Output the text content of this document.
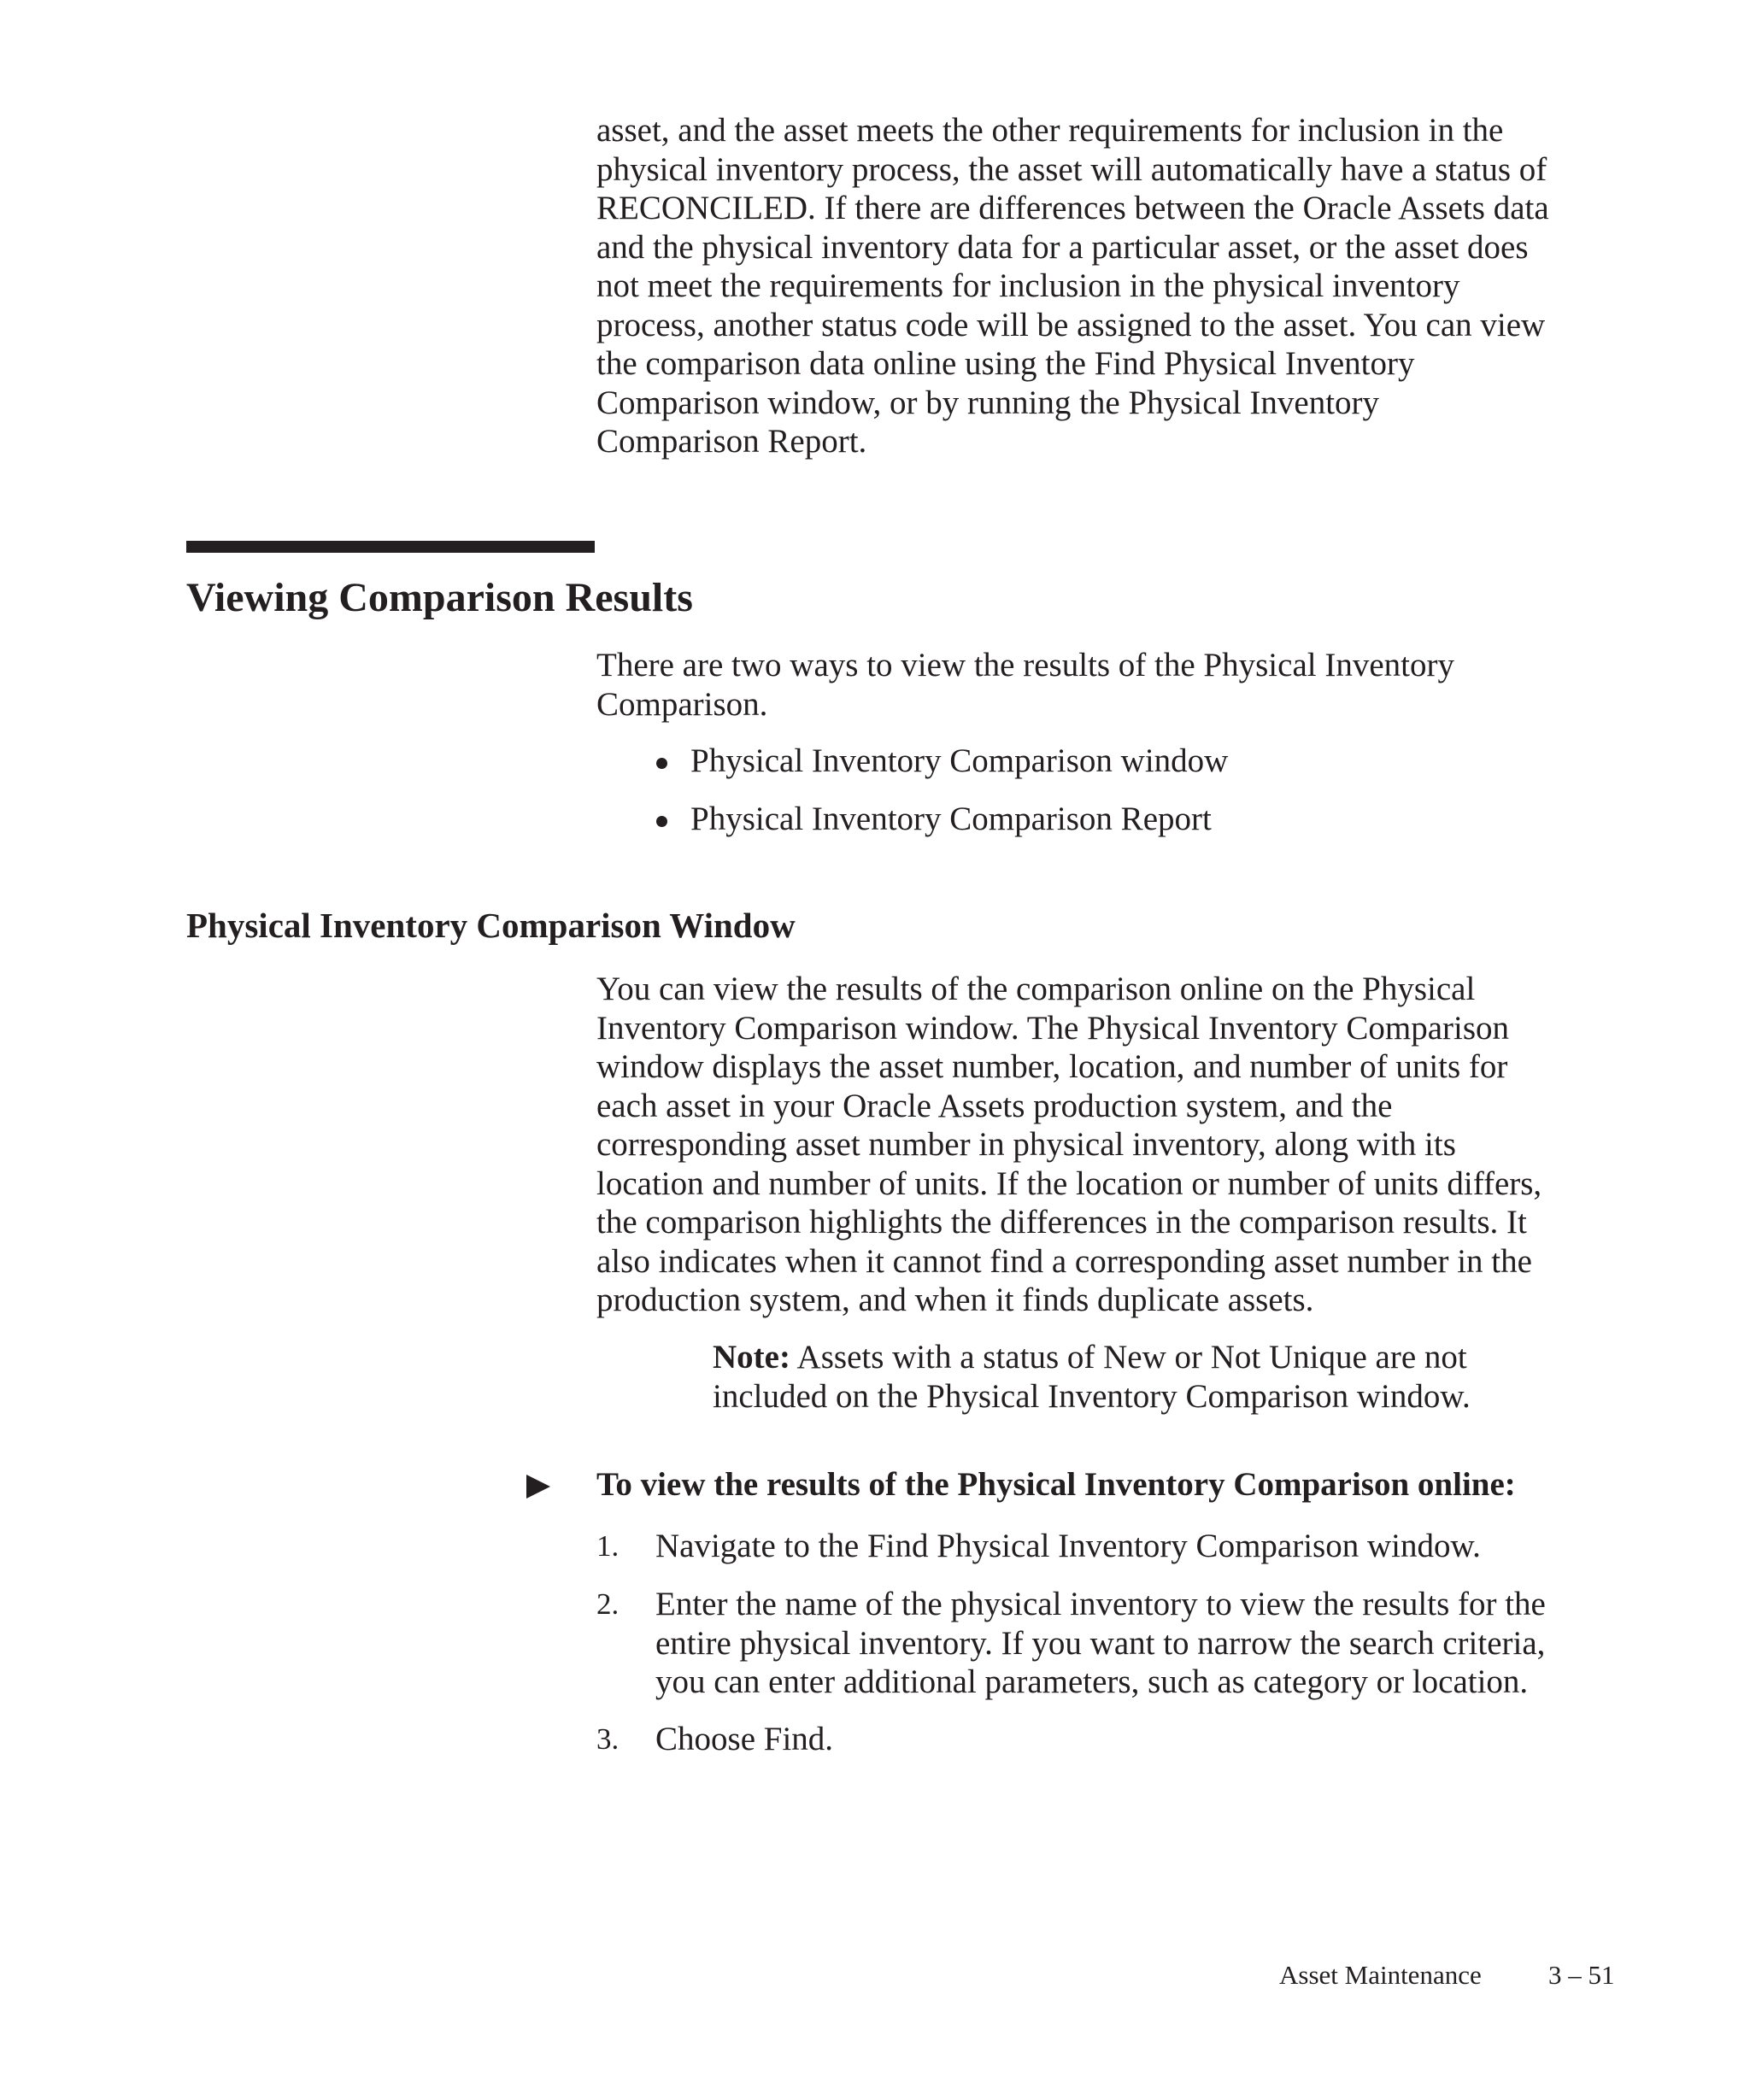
asset, and the asset meets the other requirements for inclusion in the
physical inventory process, the asset will automatically have a status of
RECONCILED. If there are differences between the Oracle Assets data
and the physical inventory data for a particular asset, or the asset does
not meet the requirements for inclusion in the physical inventory
process, another status code will be assigned to the asset. You can view
the comparison data online using the Find Physical Inventory
Comparison window, or by running the Physical Inventory
Comparison Report.

Viewing Comparison Results

There are two ways to view the results of the Physical Inventory
Comparison.

Physical Inventory Comparison window
Physical Inventory Comparison Report
Physical Inventory Comparison Window

You can view the results of the comparison online on the Physical
Inventory Comparison window. The Physical Inventory Comparison
window displays the asset number, location, and number of units for
each asset in your Oracle Assets production system, and the
corresponding asset number in physical inventory, along with its
location and number of units. If the location or number of units differs,
the comparison highlights the differences in the comparison results. It
also indicates when it cannot find a corresponding asset number in the
production system, and when it finds duplicate assets.

Note: Assets with a status of New or Not Unique are not
included on the Physical Inventory Comparison window.

To view the results of the Physical Inventory Comparison online:

1. Navigate to the Find Physical Inventory Comparison window.

2. Enter the name of the physical inventory to view the results for the
entire physical inventory. If you want to narrow the search criteria,
you can enter additional parameters, such as category or location.

3. Choose Find.

Asset Maintenance	3 – 51
